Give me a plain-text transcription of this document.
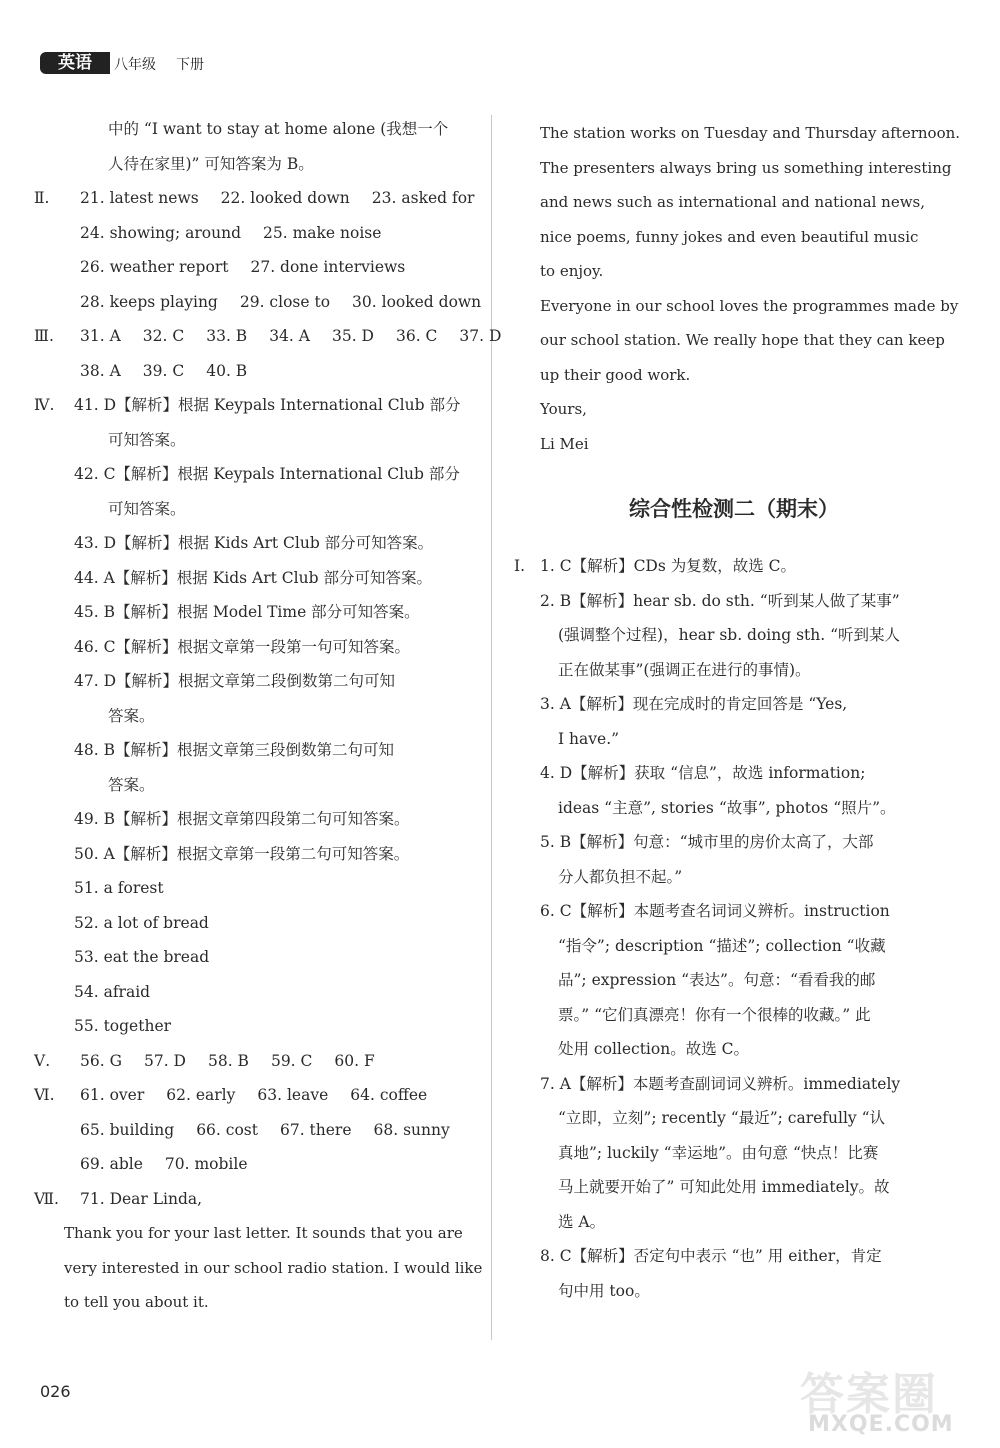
英语	八年级 下册
中的 “I want to stay at home alone (我想一个
人待在家里)” 可知答案为 B。
Ⅱ. 21. latest news 22. looked down 23. asked for
24. showing; around 25. make noise
26. weather report 27. done interviews
28. keeps playing 29. close to 30. looked down
Ⅲ. 31. A 32. C 33. B 34. A 35. D 36. C 37. D
38. A 39. C 40. B
Ⅳ. 41. D【解析】根据 Keypals International Club 部分
可知答案。
42. C【解析】根据 Keypals International Club 部分
可知答案。
43. D【解析】根据 Kids Art Club 部分可知答案。
44. A【解析】根据 Kids Art Club 部分可知答案。
45. B【解析】根据 Model Time 部分可知答案。
46. C【解析】根据文章第一段第一句可知答案。
47. D【解析】根据文章第二段倒数第二句可知
答案。
48. B【解析】根据文章第三段倒数第二句可知
答案。
49. B【解析】根据文章第四段第二句可知答案。
50. A【解析】根据文章第一段第二句可知答案。
51. a forest
52. a lot of bread
53. eat the bread
54. afraid
55. together
Ⅴ. 56. G 57. D 58. B 59. C 60. F
Ⅵ. 61. over 62. early 63. leave 64. coffee
65. building 66. cost 67. there 68. sunny
69. able 70. mobile
Ⅶ. 71. Dear Linda,
Thank you for your last letter. It sounds that you are
very interested in our school radio station. I would like
to tell you about it.
The station works on Tuesday and Thursday afternoon.
The presenters always bring us something interesting
and news such as international and national news,
nice poems, funny jokes and even beautiful music
to enjoy.
Everyone in our school loves the programmes made by
our school station. We really hope that they can keep
up their good work.
Yours,
Li Mei
综合性检测二（期末）
Ⅰ. 1. C【解析】CDs 为复数，故选 C。
2. B【解析】hear sb. do sth. “听到某人做了某事”
(强调整个过程)，hear sb. doing sth. “听到某人
正在做某事”(强调正在进行的事情)。
3. A【解析】现在完成时的肯定回答是 “Yes,
I have.”
4. D【解析】获取 “信息”，故选 information;
ideas “主意”, stories “故事”, photos “照片”。
5. B【解析】句意：“城市里的房价太高了，大部
分人都负担不起。”
6. C【解析】本题考查名词词义辨析。instruction
“指令”; description “描述”; collection “收藏
品”; expression “表达”。句意：“看看我的邮
票。” “它们真漂亮！你有一个很棒的收藏。” 此
处用 collection。故选 C。
7. A【解析】本题考查副词词义辨析。immediately
“立即，立刻”; recently “最近”; carefully “认
真地”; luckily “幸运地”。由句意 “快点！比赛
马上就要开始了” 可知此处用 immediately。故
选 A。
8. C【解析】否定句中表示 “也” 用 either，肯定
句中用 too。
026	答案圈
MXQE.COM
